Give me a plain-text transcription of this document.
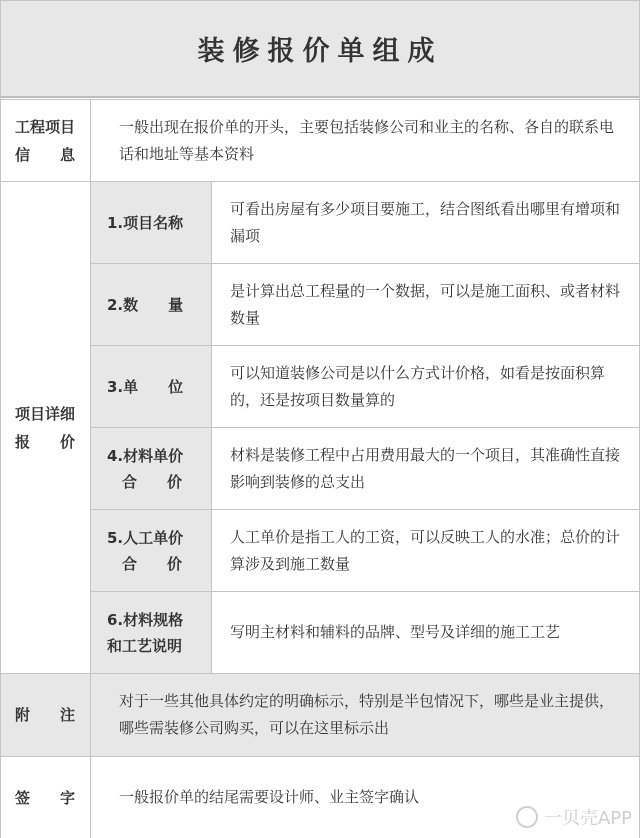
装修报价单组成
工程项目
信　　息
一般出现在报价单的开头，主要包括装修公司和业主的名称、各自的联系电话和地址等基本资料
项目详细
报　　价
1.项目名称
可看出房屋有多少项目要施工，结合图纸看出哪里有增项和漏项
2.数　　量
是计算出总工程量的一个数据，可以是施工面积、或者材料数量
3.单　　位
可以知道装修公司是以什么方式计价格，如看是按面积算的，还是按项目数量算的
4.材料单价
　合　　价
材料是装修工程中占用费用最大的一个项目，其准确性直接影响到装修的总支出
5.人工单价
　合　　价
人工单价是指工人的工资，可以反映工人的水准；总价的计算涉及到施工数量
6.材料规格
和工艺说明
写明主材料和辅料的品牌、型号及详细的施工工艺
附　　注
对于一些其他具体约定的明确标示，特别是半包情况下，哪些是业主提供，哪些需装修公司购买，可以在这里标示出
签　　字	一般报价单的结尾需要设计师、业主签字确认
一贝壳APP
